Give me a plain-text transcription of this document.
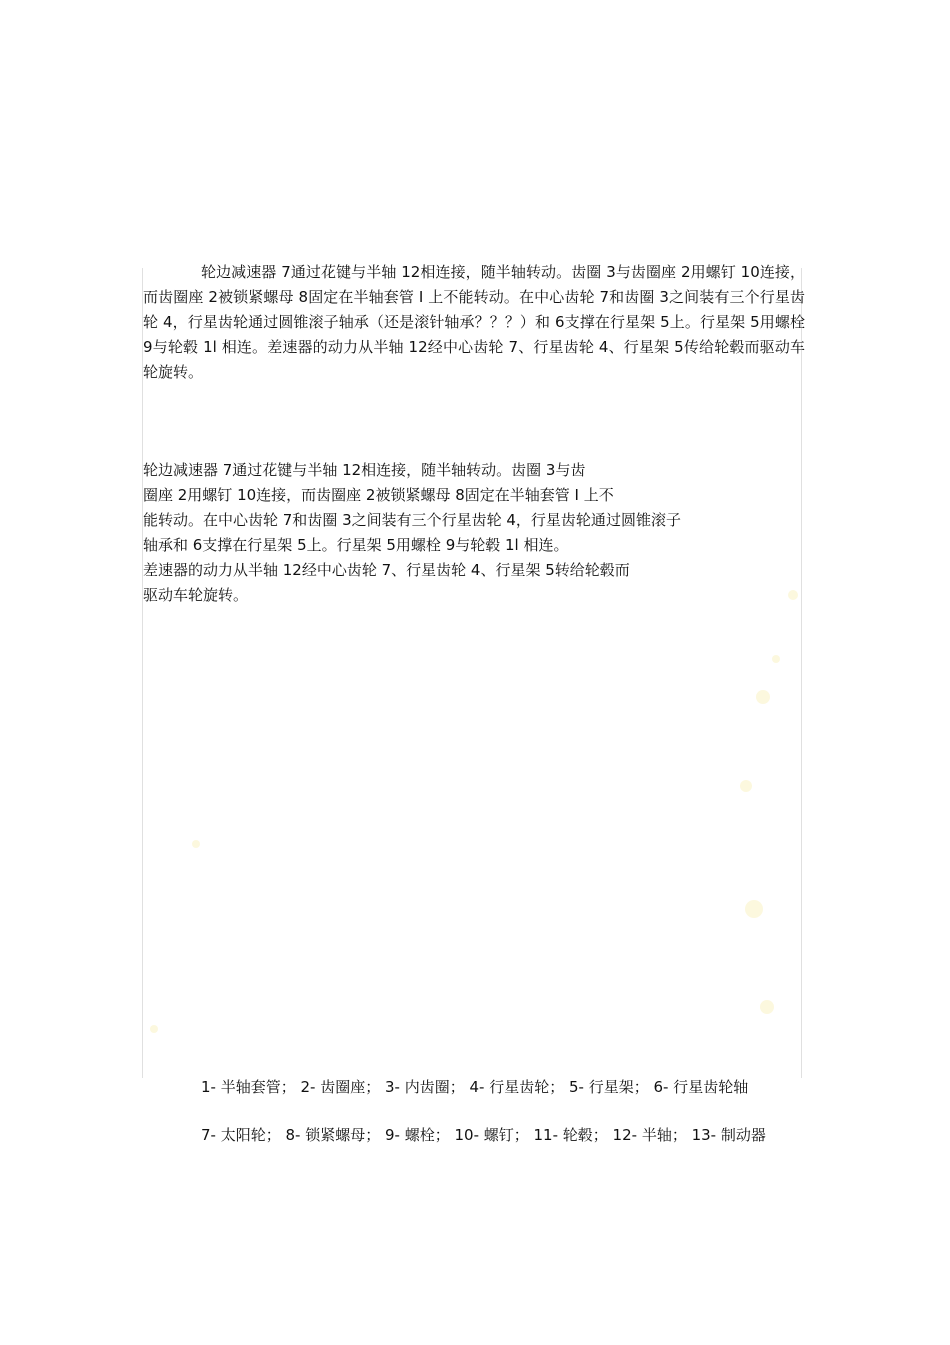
轮边减速器 7通过花键与半轴 12相连接，随半轴转动。齿圈 3与齿圈座 2用螺钉 10连接，而齿圈座 2被锁紧螺母 8固定在半轴套管 I 上不能转动。在中心齿轮 7和齿圈 3之间装有三个行星齿轮 4，行星齿轮通过圆锥滚子轴承（还是滚针轴承？？？）和 6支撑在行星架 5上。行星架 5用螺栓 9与轮毂 1l 相连。差速器的动力从半轴 12经中心齿轮 7、行星齿轮 4、行星架 5传给轮毂而驱动车轮旋转。

轮边减速器 7通过花键与半轴 12相连接，随半轴转动。齿圈 3与齿
圈座 2用螺钉 10连接，而齿圈座 2被锁紧螺母 8固定在半轴套管 I 上不
能转动。在中心齿轮 7和齿圈 3之间装有三个行星齿轮 4，行星齿轮通过圆锥滚子
轴承和 6支撑在行星架 5上。行星架 5用螺栓 9与轮毂 1l 相连。
差速器的动力从半轴 12经中心齿轮 7、行星齿轮 4、行星架 5转给轮毂而
驱动车轮旋转。

1- 半轴套管； 2- 齿圈座； 3- 内齿圈； 4- 行星齿轮； 5- 行星架； 6- 行星齿轮轴

7- 太阳轮； 8- 锁紧螺母； 9- 螺栓； 10- 螺钉； 11- 轮毂； 12- 半轴； 13- 制动器
